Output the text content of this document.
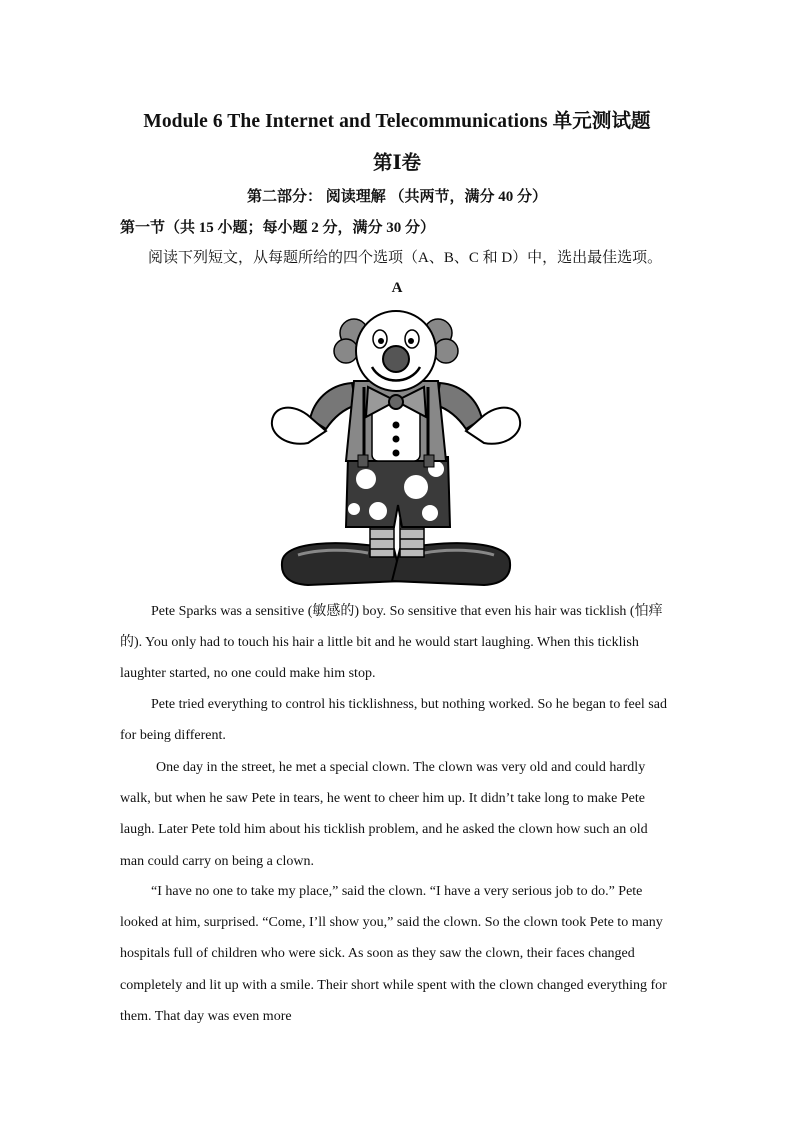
Module 6 The Internet and Telecommunications 单元测试题
第Ⅰ卷
第二部分： 阅读理解 （共两节，满分 40 分）
第一节（共 15 小题；每小题 2 分，满分 30 分）
阅读下列短文，从每题所给的四个选项（A、B、C 和 D）中，选出最佳选项。
A

Pete Sparks was a sensitive (敏感的) boy. So sensitive that even his hair was ticklish (怕痒的). You only had to touch his hair a little bit and he would start laughing. When this ticklish laughter started, no one could make him stop.

Pete tried everything to control his ticklishness, but nothing worked. So he began to feel sad for being different.

One day in the street, he met a special clown. The clown was very old and could hardly walk, but when he saw Pete in tears, he went to cheer him up. It didn’t take long to make Pete laugh. Later Pete told him about his ticklish problem, and he asked the clown how such an old man could carry on being a clown.

“I have no one to take my place,” said the clown. “I have a very serious job to do.” Pete looked at him, surprised. “Come, I’ll show you,” said the clown. So the clown took Pete to many hospitals full of children who were sick. As soon as they saw the clown, their faces changed completely and lit up with a smile. Their short while spent with the clown changed everything for them. That day was even more
